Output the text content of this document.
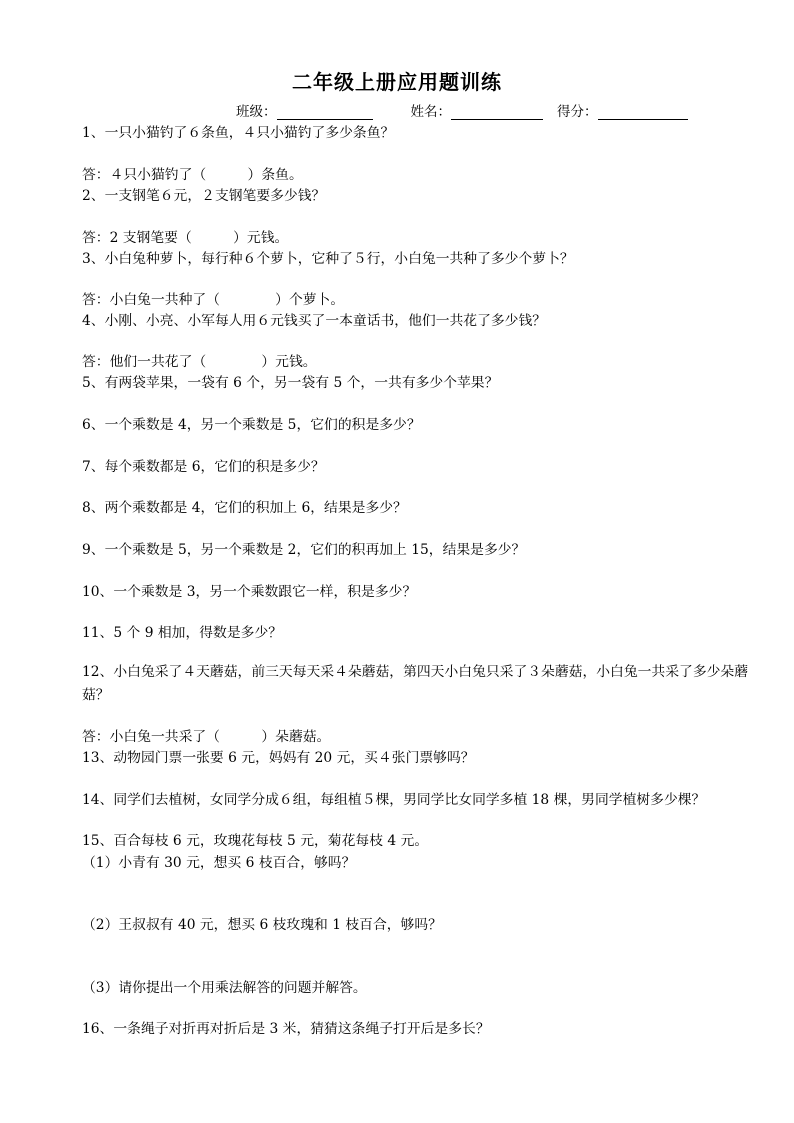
二年级上册应用题训练
班级：	姓名：	得分：
1、一只小猫钓了６条鱼，４只小猫钓了多少条鱼？
答：４只小猫钓了（　　　）条鱼。
2、一支钢笔６元，２支钢笔要多少钱？
答：2 支钢笔要（　　　）元钱。
3、小白兔种萝卜，每行种６个萝卜，它种了５行，小白兔一共种了多少个萝卜？
答：小白兔一共种了（　　　　）个萝卜。
4、小刚、小亮、小军每人用６元钱买了一本童话书，他们一共花了多少钱？
答：他们一共花了（　　　　）元钱。
5、有两袋苹果，一袋有 6 个，另一袋有 5 个，一共有多少个苹果？
6、一个乘数是 4，另一个乘数是 5，它们的积是多少？
7、每个乘数都是 6，它们的积是多少？
8、两个乘数都是 4，它们的积加上 6，结果是多少？
9、一个乘数是 5，另一个乘数是 2，它们的积再加上 15，结果是多少？
10、一个乘数是 3，另一个乘数跟它一样，积是多少？
11、5 个 9 相加，得数是多少？
12、小白兔采了４天蘑菇，前三天每天采４朵蘑菇，第四天小白兔只采了３朵蘑菇，小白兔一共采了多少朵蘑菇？
答：小白兔一共采了（　　　）朵蘑菇。
13、动物园门票一张要 6 元，妈妈有 20 元，买４张门票够吗？
14、同学们去植树，女同学分成６组，每组植５棵，男同学比女同学多植 18 棵，男同学植树多少棵？
15、百合每枝 6 元，玫瑰花每枝 5 元，菊花每枝 4 元。
（1）小青有 30 元，想买 6 枝百合，够吗？
（2）王叔叔有 40 元，想买 6 枝玫瑰和 1 枝百合，够吗？
（3）请你提出一个用乘法解答的问题并解答。
16、一条绳子对折再对折后是 3 米，猜猜这条绳子打开后是多长？
